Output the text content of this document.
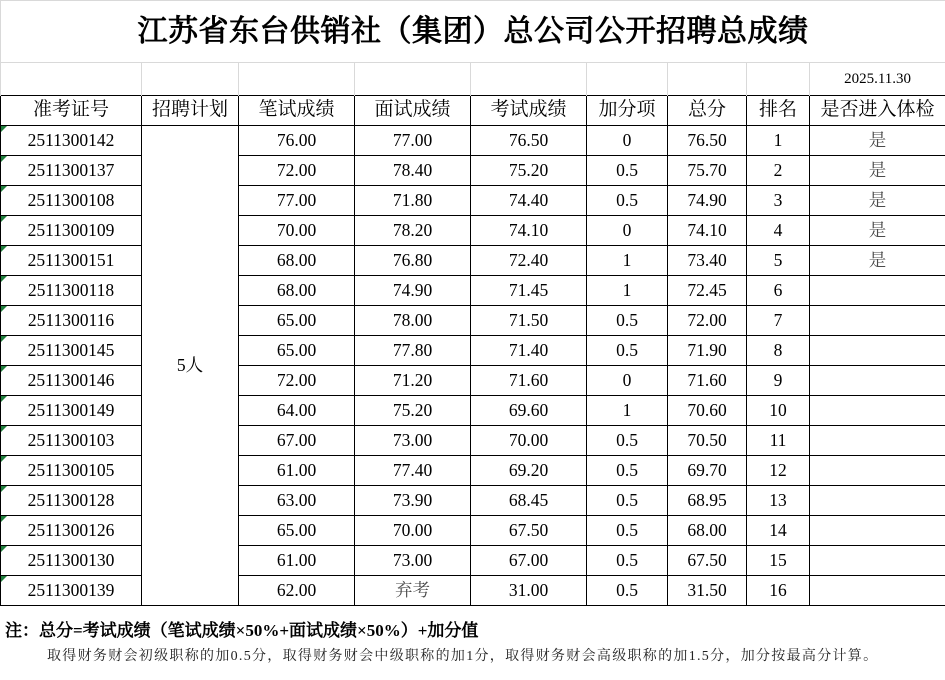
江苏省东台供销社（集团）总公司公开招聘总成绩								
								2025.11.30
准考证号	招聘计划	笔试成绩	面试成绩	考试成绩	加分项	总分	排名	是否进入体检
2511300142	5人	76.00	77.00	76.50	0	76.50	1	是
2511300137		72.00	78.40	75.20	0.5	75.70	2	是
2511300108		77.00	71.80	74.40	0.5	74.90	3	是
2511300109		70.00	78.20	74.10	0	74.10	4	是
2511300151		68.00	76.80	72.40	1	73.40	5	是
2511300118		68.00	74.90	71.45	1	72.45	6	
2511300116		65.00	78.00	71.50	0.5	72.00	7	
2511300145		65.00	77.80	71.40	0.5	71.90	8	
2511300146		72.00	71.20	71.60	0	71.60	9	
2511300149		64.00	75.20	69.60	1	70.60	10	
2511300103		67.00	73.00	70.00	0.5	70.50	11	
2511300105		61.00	77.40	69.20	0.5	69.70	12	
2511300128		63.00	73.90	68.45	0.5	68.95	13	
2511300126		65.00	70.00	67.50	0.5	68.00	14	
2511300130		61.00	73.00	67.00	0.5	67.50	15	
2511300139		62.00	弃考	31.00	0.5	31.50	16	
注：总分=考试成绩（笔试成绩×50%+面试成绩×50%）+加分值
取得财务财会初级职称的加0.5分，取得财务财会中级职称的加1分，取得财务财会高级职称的加1.5分，加分按最高分计算。
